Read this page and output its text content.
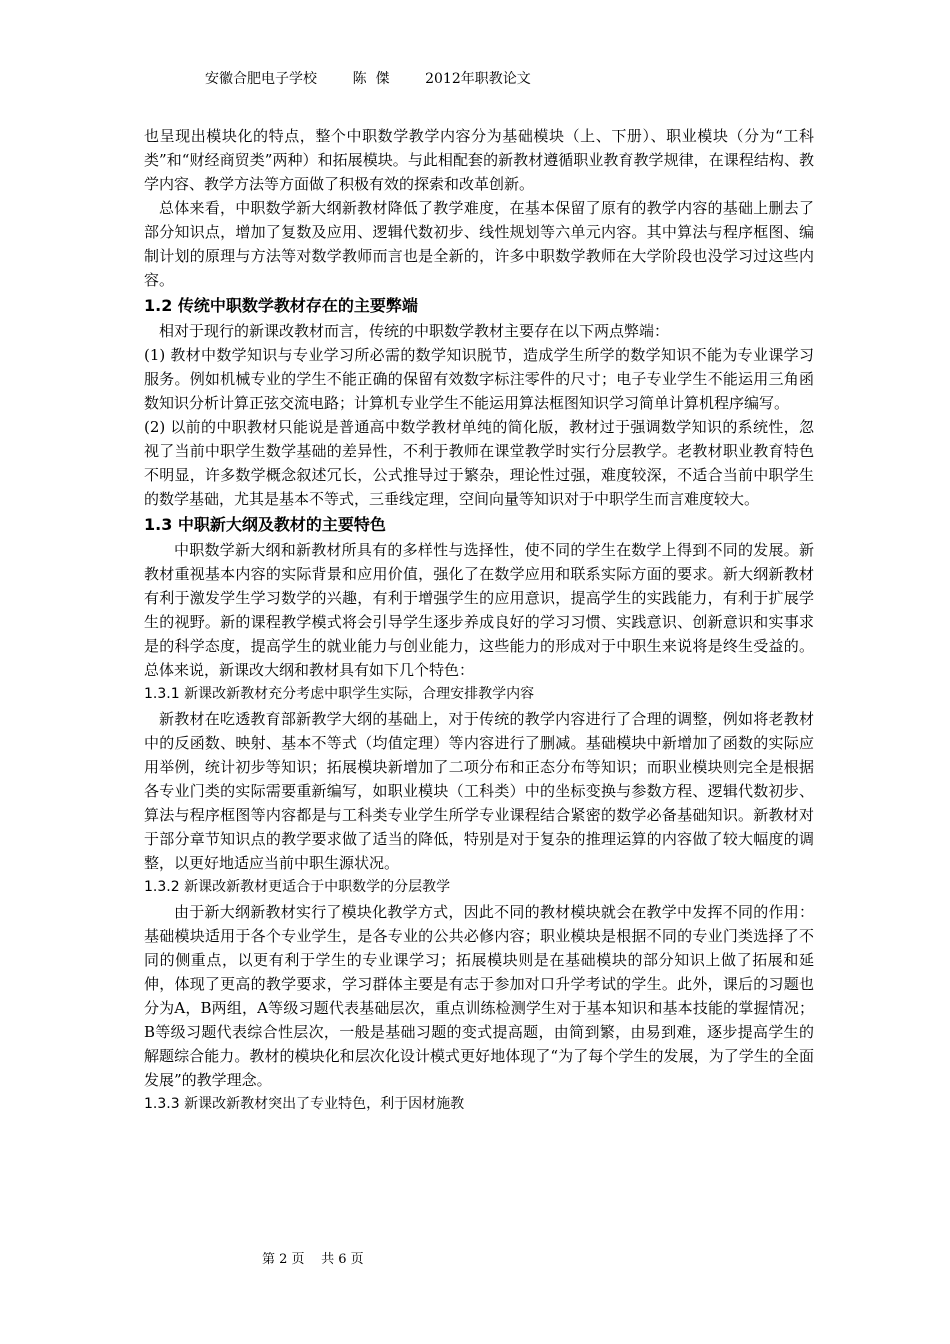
安徽合肥电子学校        陈  傑        2012年职教论文

也呈现出模块化的特点，整个中职数学教学内容分为基础模块（上、下册）、职业模块（分为“工科类”和“财经商贸类”两种）和拓展模块。与此相配套的新教材遵循职业教育教学规律，在课程结构、教学内容、教学方法等方面做了积极有效的探索和改革创新。

总体来看，中职数学新大纲新教材降低了教学难度，在基本保留了原有的教学内容的基础上删去了部分知识点，增加了复数及应用、逻辑代数初步、线性规划等六单元内容。其中算法与程序框图、编制计划的原理与方法等对数学教师而言也是全新的，许多中职数学教师在大学阶段也没学习过这些内容。

1.2 传统中职数学教材存在的主要弊端

相对于现行的新课改教材而言，传统的中职数学教材主要存在以下两点弊端：

(1) 教材中数学知识与专业学习所必需的数学知识脱节，造成学生所学的数学知识不能为专业课学习服务。例如机械专业的学生不能正确的保留有效数字标注零件的尺寸；电子专业学生不能运用三角函数知识分析计算正弦交流电路；计算机专业学生不能运用算法框图知识学习简单计算机程序编写。

(2) 以前的中职教材只能说是普通高中数学教材单纯的简化版，教材过于强调数学知识的系统性，忽视了当前中职学生数学基础的差异性，不利于教师在课堂教学时实行分层教学。老教材职业教育特色不明显，许多数学概念叙述冗长，公式推导过于繁杂，理论性过强，难度较深，不适合当前中职学生的数学基础，尤其是基本不等式，三垂线定理，空间向量等知识对于中职学生而言难度较大。

1.3 中职新大纲及教材的主要特色

中职数学新大纲和新教材所具有的多样性与选择性，使不同的学生在数学上得到不同的发展。新教材重视基本内容的实际背景和应用价值，强化了在数学应用和联系实际方面的要求。新大纲新教材有利于激发学生学习数学的兴趣，有利于增强学生的应用意识，提高学生的实践能力，有利于扩展学生的视野。新的课程教学模式将会引导学生逐步养成良好的学习习惯、实践意识、创新意识和实事求是的科学态度，提高学生的就业能力与创业能力，这些能力的形成对于中职生来说将是终生受益的。总体来说，新课改大纲和教材具有如下几个特色：

1.3.1 新课改新教材充分考虑中职学生实际，合理安排教学内容

新教材在吃透教育部新教学大纲的基础上，对于传统的教学内容进行了合理的调整，例如将老教材中的反函数、映射、基本不等式（均值定理）等内容进行了删减。基础模块中新增加了函数的实际应用举例，统计初步等知识；拓展模块新增加了二项分布和正态分布等知识；而职业模块则完全是根据各专业门类的实际需要重新编写，如职业模块（工科类）中的坐标变换与参数方程、逻辑代数初步、算法与程序框图等内容都是与工科类专业学生所学专业课程结合紧密的数学必备基础知识。新教材对于部分章节知识点的教学要求做了适当的降低，特别是对于复杂的推理运算的内容做了较大幅度的调整，以更好地适应当前中职生源状况。

1.3.2 新课改新教材更适合于中职数学的分层教学

由于新大纲新教材实行了模块化教学方式，因此不同的教材模块就会在教学中发挥不同的作用：基础模块适用于各个专业学生，是各专业的公共必修内容；职业模块是根据不同的专业门类选择了不同的侧重点，以更有利于学生的专业课学习；拓展模块则是在基础模块的部分知识上做了拓展和延伸，体现了更高的教学要求，学习群体主要是有志于参加对口升学考试的学生。此外，课后的习题也分为A，B两组，A等级习题代表基础层次，重点训练检测学生对于基本知识和基本技能的掌握情况；B等级习题代表综合性层次，一般是基础习题的变式提高题，由简到繁，由易到难，逐步提高学生的解题综合能力。教材的模块化和层次化设计模式更好地体现了“为了每个学生的发展，为了学生的全面发展”的教学理念。

1.3.3 新课改新教材突出了专业特色，利于因材施教

第 2 页    共 6 页
